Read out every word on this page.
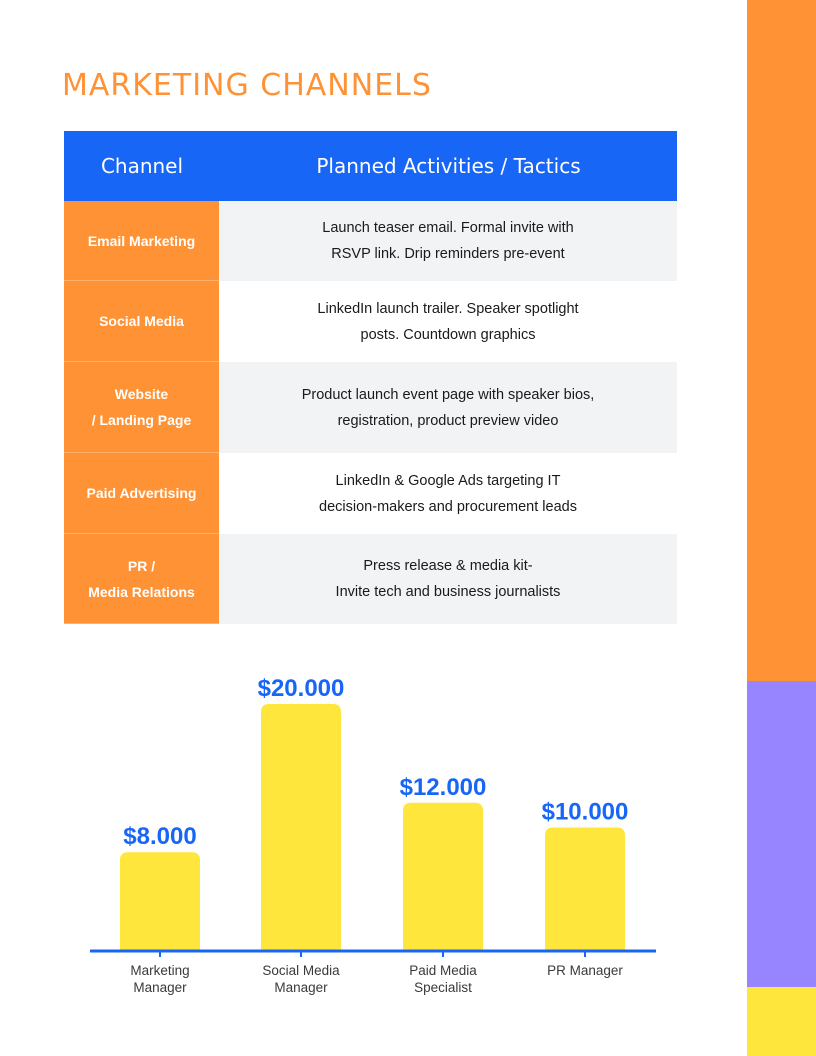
MARKETING CHANNELS
Channel	Planned Activities / Tactics
Email Marketing
Launch teaser email. Formal invite with
RSVP link. Drip reminders pre-event
Social Media
LinkedIn launch trailer. Speaker spotlight
posts. Countdown graphics
Website
/ Landing Page
Product launch event page with speaker bios,
registration, product preview video
Paid Advertising
LinkedIn & Google Ads targeting IT
decision-makers and procurement leads
PR /
Media Relations
Press release & media kit-
Invite tech and business journalists
$8.000
Marketing
Manager
$20.000
Social Media
Manager
$12.000
Paid Media
Specialist
$10.000
PR Manager
